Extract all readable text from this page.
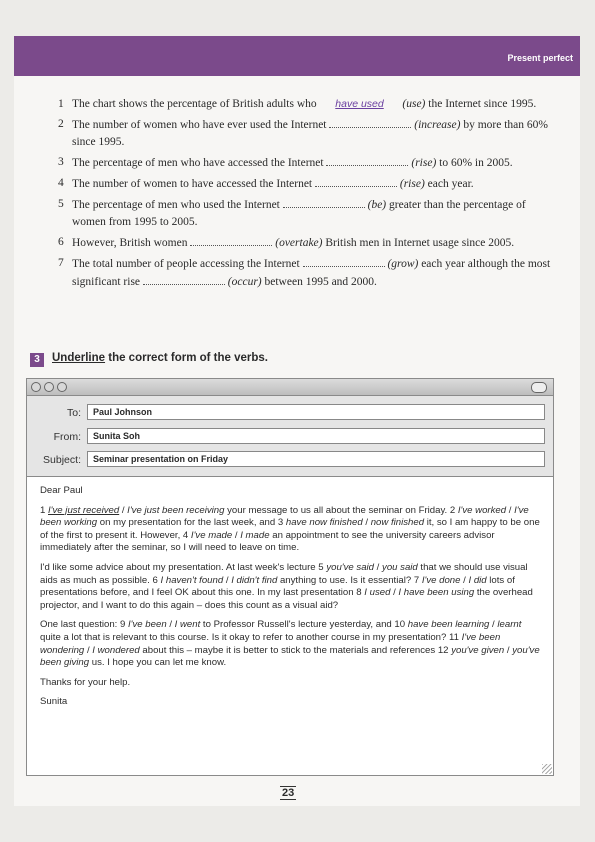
Present perfect
1 The chart shows the percentage of British adults who have used (use) the Internet since 1995.
2 The number of women who have ever used the Internet	(increase) by more than 60% since 1995.
3 The percentage of men who have accessed the Internet	(rise) to 60% in 2005.
4 The number of women to have accessed the Internet	(rise) each year.
5 The percentage of men who used the Internet	(be) greater than the percentage of women from 1995 to 2005.
6 However, British women	(overtake) British men in Internet usage since 2005.
7 The total number of people accessing the Internet	(grow) each year although the most significant rise	(occur) between 1995 and 2000.
3	Underline the correct form of the verbs.
To:	Paul Johnson
From:	Sunita Soh
Subject:	Seminar presentation on Friday

Dear Paul

1 I've just received / I've just been receiving your message to us all about the seminar on Friday. 2 I've worked / I've been working on my presentation for the last week, and 3 have now finished / now finished it, so I am happy to be one of the first to present it. However, 4 I've made / I made an appointment to see the university careers advisor immediately after the seminar, so I will need to leave on time.

I'd like some advice about my presentation. At last week's lecture 5 you've said / you said that we should use visual aids as much as possible. 6 I haven't found / I didn't find anything to use. Is it essential? 7 I've done / I did lots of presentations before, and I feel OK about this one. In my last presentation 8 I used / I have been using the overhead projector, and I want to do this again – does this count as a visual aid?

One last question: 9 I've been / I went to Professor Russell's lecture yesterday, and 10 have been learning / learnt quite a lot that is relevant to this course. Is it okay to refer to another course in my presentation? 11 I've been wondering / I wondered about this – maybe it is better to stick to the materials and references 12 you've given / you've been giving us. I hope you can let me know.

Thanks for your help.

Sunita

23
